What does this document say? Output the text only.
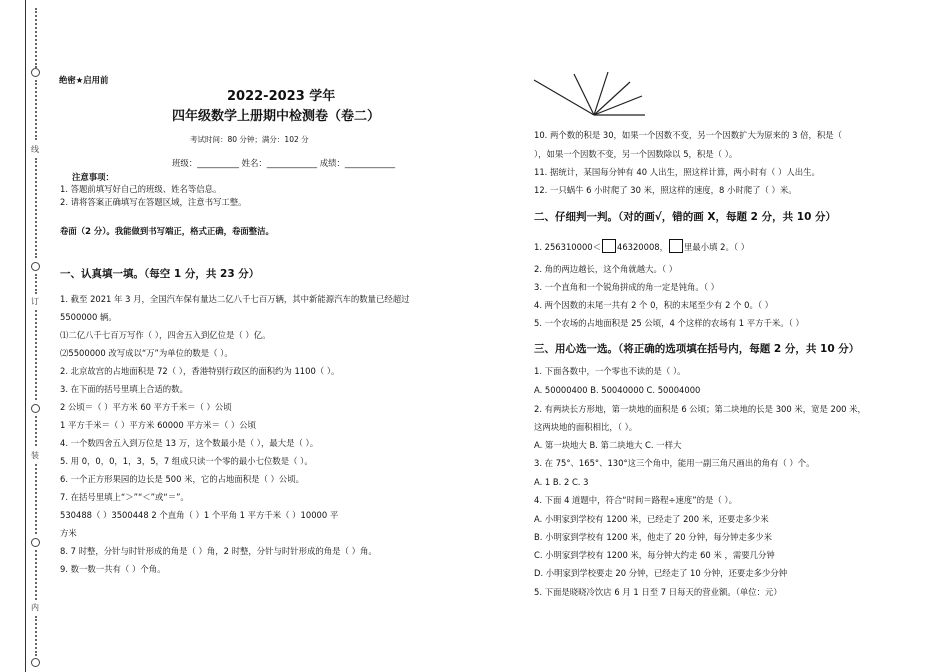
线
订
装
内
绝密★启用前
2022-2023 学年
四年级数学上册期中检测卷（卷二）
考试时间：80 分钟；满分：102 分
班级：__________ 姓名：____________ 成绩：____________
注意事项：
1. 答题前填写好自己的班级、姓名等信息。
2. 请将答案正确填写在答题区域，注意书写工整。
卷面（2 分）。我能做到书写端正，格式正确，卷面整洁。
一、认真填一填。（每空 1 分，共 23 分）
1. 截至 2021 年 3 月，全国汽车保有量达二亿八千七百万辆，其中新能源汽车的数量已经超过
5500000 辆。
⑴二亿八千七百万写作（ ），四舍五入到亿位是（ ）亿。
⑵5500000 改写成以“万”为单位的数是（ ）。
2. 北京故宫的占地面积是 72（ ），香港特别行政区的面积约为 1100（ ）。
3. 在下面的括号里填上合适的数。
2 公顷＝（ ）平方米 60 平方千米＝（ ）公顷
1 平方千米＝（ ）平方米 60000 平方米＝（ ）公顷
4. 一个数四舍五入到万位是 13 万，这个数最小是（ ），最大是（ ）。
5. 用 0，0，0，1，3，5，7 组成只读一个零的最小七位数是（ ）。
6. 一个正方形果园的边长是 500 米，它的占地面积是（ ）公顷。
7. 在括号里填上“＞”“＜”或“＝”。
530488（ ）3500448 2 个直角（ ）1 个平角 1 平方千米（ ）10000 平
方米
8. 7 时整，分针与时针形成的角是（ ）角，2 时整，分针与时针形成的角是（ ）角。
9. 数一数一共有（ ）个角。
10. 两个数的积是 30，如果一个因数不变，另一个因数扩大为原来的 3 倍，积是（
），如果一个因数不变，另一个因数除以 5，积是（ ）。
11. 据统计，某国每分钟有 40 人出生，照这样计算，两小时有（ ）人出生。
12. 一只蜗牛 6 小时爬了 30 米，照这样的速度，8 小时爬了（ ）米。
二、仔细判一判。（对的画√，错的画 X，每题 2 分，共 10 分）
1. 256310000＜ 46320008， 里最小填 2。（ ）
2. 角的两边越长，这个角就越大。（ ）
3. 一个直角和一个锐角拼成的角一定是钝角。（ ）
4. 两个因数的末尾一共有 2 个 0，积的末尾至少有 2 个 0。（ ）
5. 一个农场的占地面积是 25 公顷，4 个这样的农场有 1 平方千米。（ ）
三、用心选一选。（将正确的选项填在括号内，每题 2 分，共 10 分）
1. 下面各数中，一个零也不读的是（ ）。
A. 50000400 B. 50040000 C. 50004000
2. 有两块长方形地，第一块地的面积是 6 公顷；第二块地的长是 300 米，宽是 200 米，
这两块地的面积相比，（ ）。
A. 第一块地大 B. 第二块地大 C. 一样大
3. 在 75°、165°、130°这三个角中，能用一副三角尺画出的角有（ ）个。
A. 1 B. 2 C. 3
4. 下面 4 道题中，符合“时间＝路程÷速度”的是（ ）。
A. 小明家到学校有 1200 米，已经走了 200 米，还要走多少米
B. 小明家到学校有 1200 米，他走了 20 分钟，每分钟走多少米
C. 小明家到学校有 1200 米，每分钟大约走 60 米 ，需要几分钟
D. 小明家到学校要走 20 分钟，已经走了 10 分钟，还要走多少分钟
5. 下面是晓晓冷饮店 6 月 1 日至 7 日每天的营业额。（单位：元）
